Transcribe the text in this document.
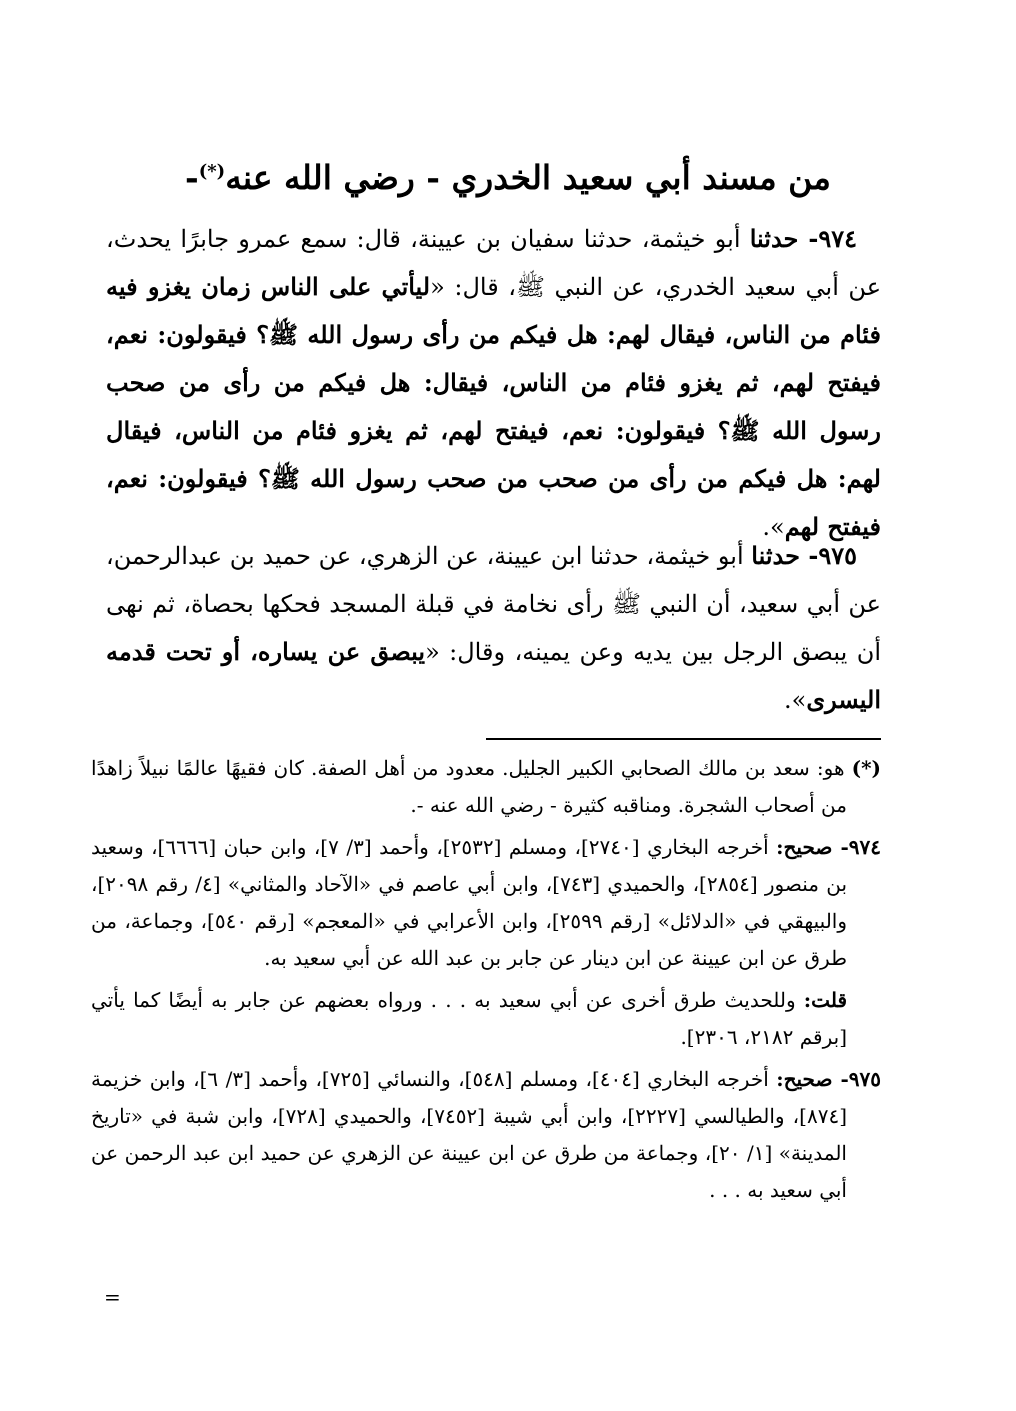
من مسند أبي سعيد الخدري - رضي الله عنه(*)-

٩٧٤- حدثنا أبو خيثمة، حدثنا سفيان بن عيينة، قال: سمع عمرو جابرًا يحدث، عن أبي سعيد الخدري، عن النبي ﷺ، قال: «ليأتي على الناس زمان يغزو فيه فئام من الناس، فيقال لهم: هل فيكم من رأى رسول الله ﷺ؟ فيقولون: نعم، فيفتح لهم، ثم يغزو فئام من الناس، فيقال: هل فيكم من رأى من صحب رسول الله ﷺ؟ فيقولون: نعم، فيفتح لهم، ثم يغزو فئام من الناس، فيقال لهم: هل فيكم من رأى من صحب من صحب رسول الله ﷺ؟ فيقولون: نعم، فيفتح لهم».

٩٧٥- حدثنا أبو خيثمة، حدثنا ابن عيينة، عن الزهري، عن حميد بن عبدالرحمن، عن أبي سعيد، أن النبي ﷺ رأى نخامة في قبلة المسجد فحكها بحصاة، ثم نهى أن يبصق الرجل بين يديه وعن يمينه، وقال: «يبصق عن يساره، أو تحت قدمه اليسرى».

(*) هو: سعد بن مالك الصحابي الكبير الجليل. معدود من أهل الصفة. كان فقيهًا عالمًا نبيلاً زاهدًا من أصحاب الشجرة. ومناقبه كثيرة - رضي الله عنه -.
٩٧٤- صحيح: أخرجه البخاري [٢٧٤٠]، ومسلم [٢٥٣٢]، وأحمد [٣/ ٧]، وابن حبان [٦٦٦٦]، وسعيد بن منصور [٢٨٥٤]، والحميدي [٧٤٣]، وابن أبي عاصم في «الآحاد والمثاني» [٤/ رقم ٢٠٩٨]، والبيهقي في «الدلائل» [رقم ٢٥٩٩]، وابن الأعرابي في «المعجم» [رقم ٥٤٠]، وجماعة، من طرق عن ابن عيينة عن ابن دينار عن جابر بن عبد الله عن أبي سعيد به.
قلت: وللحديث طرق أخرى عن أبي سعيد به . . . ورواه بعضهم عن جابر به أيضًا كما يأتي [برقم ٢١٨٢، ٢٣٠٦].
٩٧٥- صحيح: أخرجه البخاري [٤٠٤]، ومسلم [٥٤٨]، والنسائي [٧٢٥]، وأحمد [٣/ ٦]، وابن خزيمة [٨٧٤]، والطيالسي [٢٢٢٧]، وابن أبي شيبة [٧٤٥٢]، والحميدي [٧٢٨]، وابن شبة في «تاريخ المدينة» [١/ ٢٠]، وجماعة من طرق عن ابن عيينة عن الزهري عن حميد ابن عبد الرحمن عن أبي سعيد به . . .
=
